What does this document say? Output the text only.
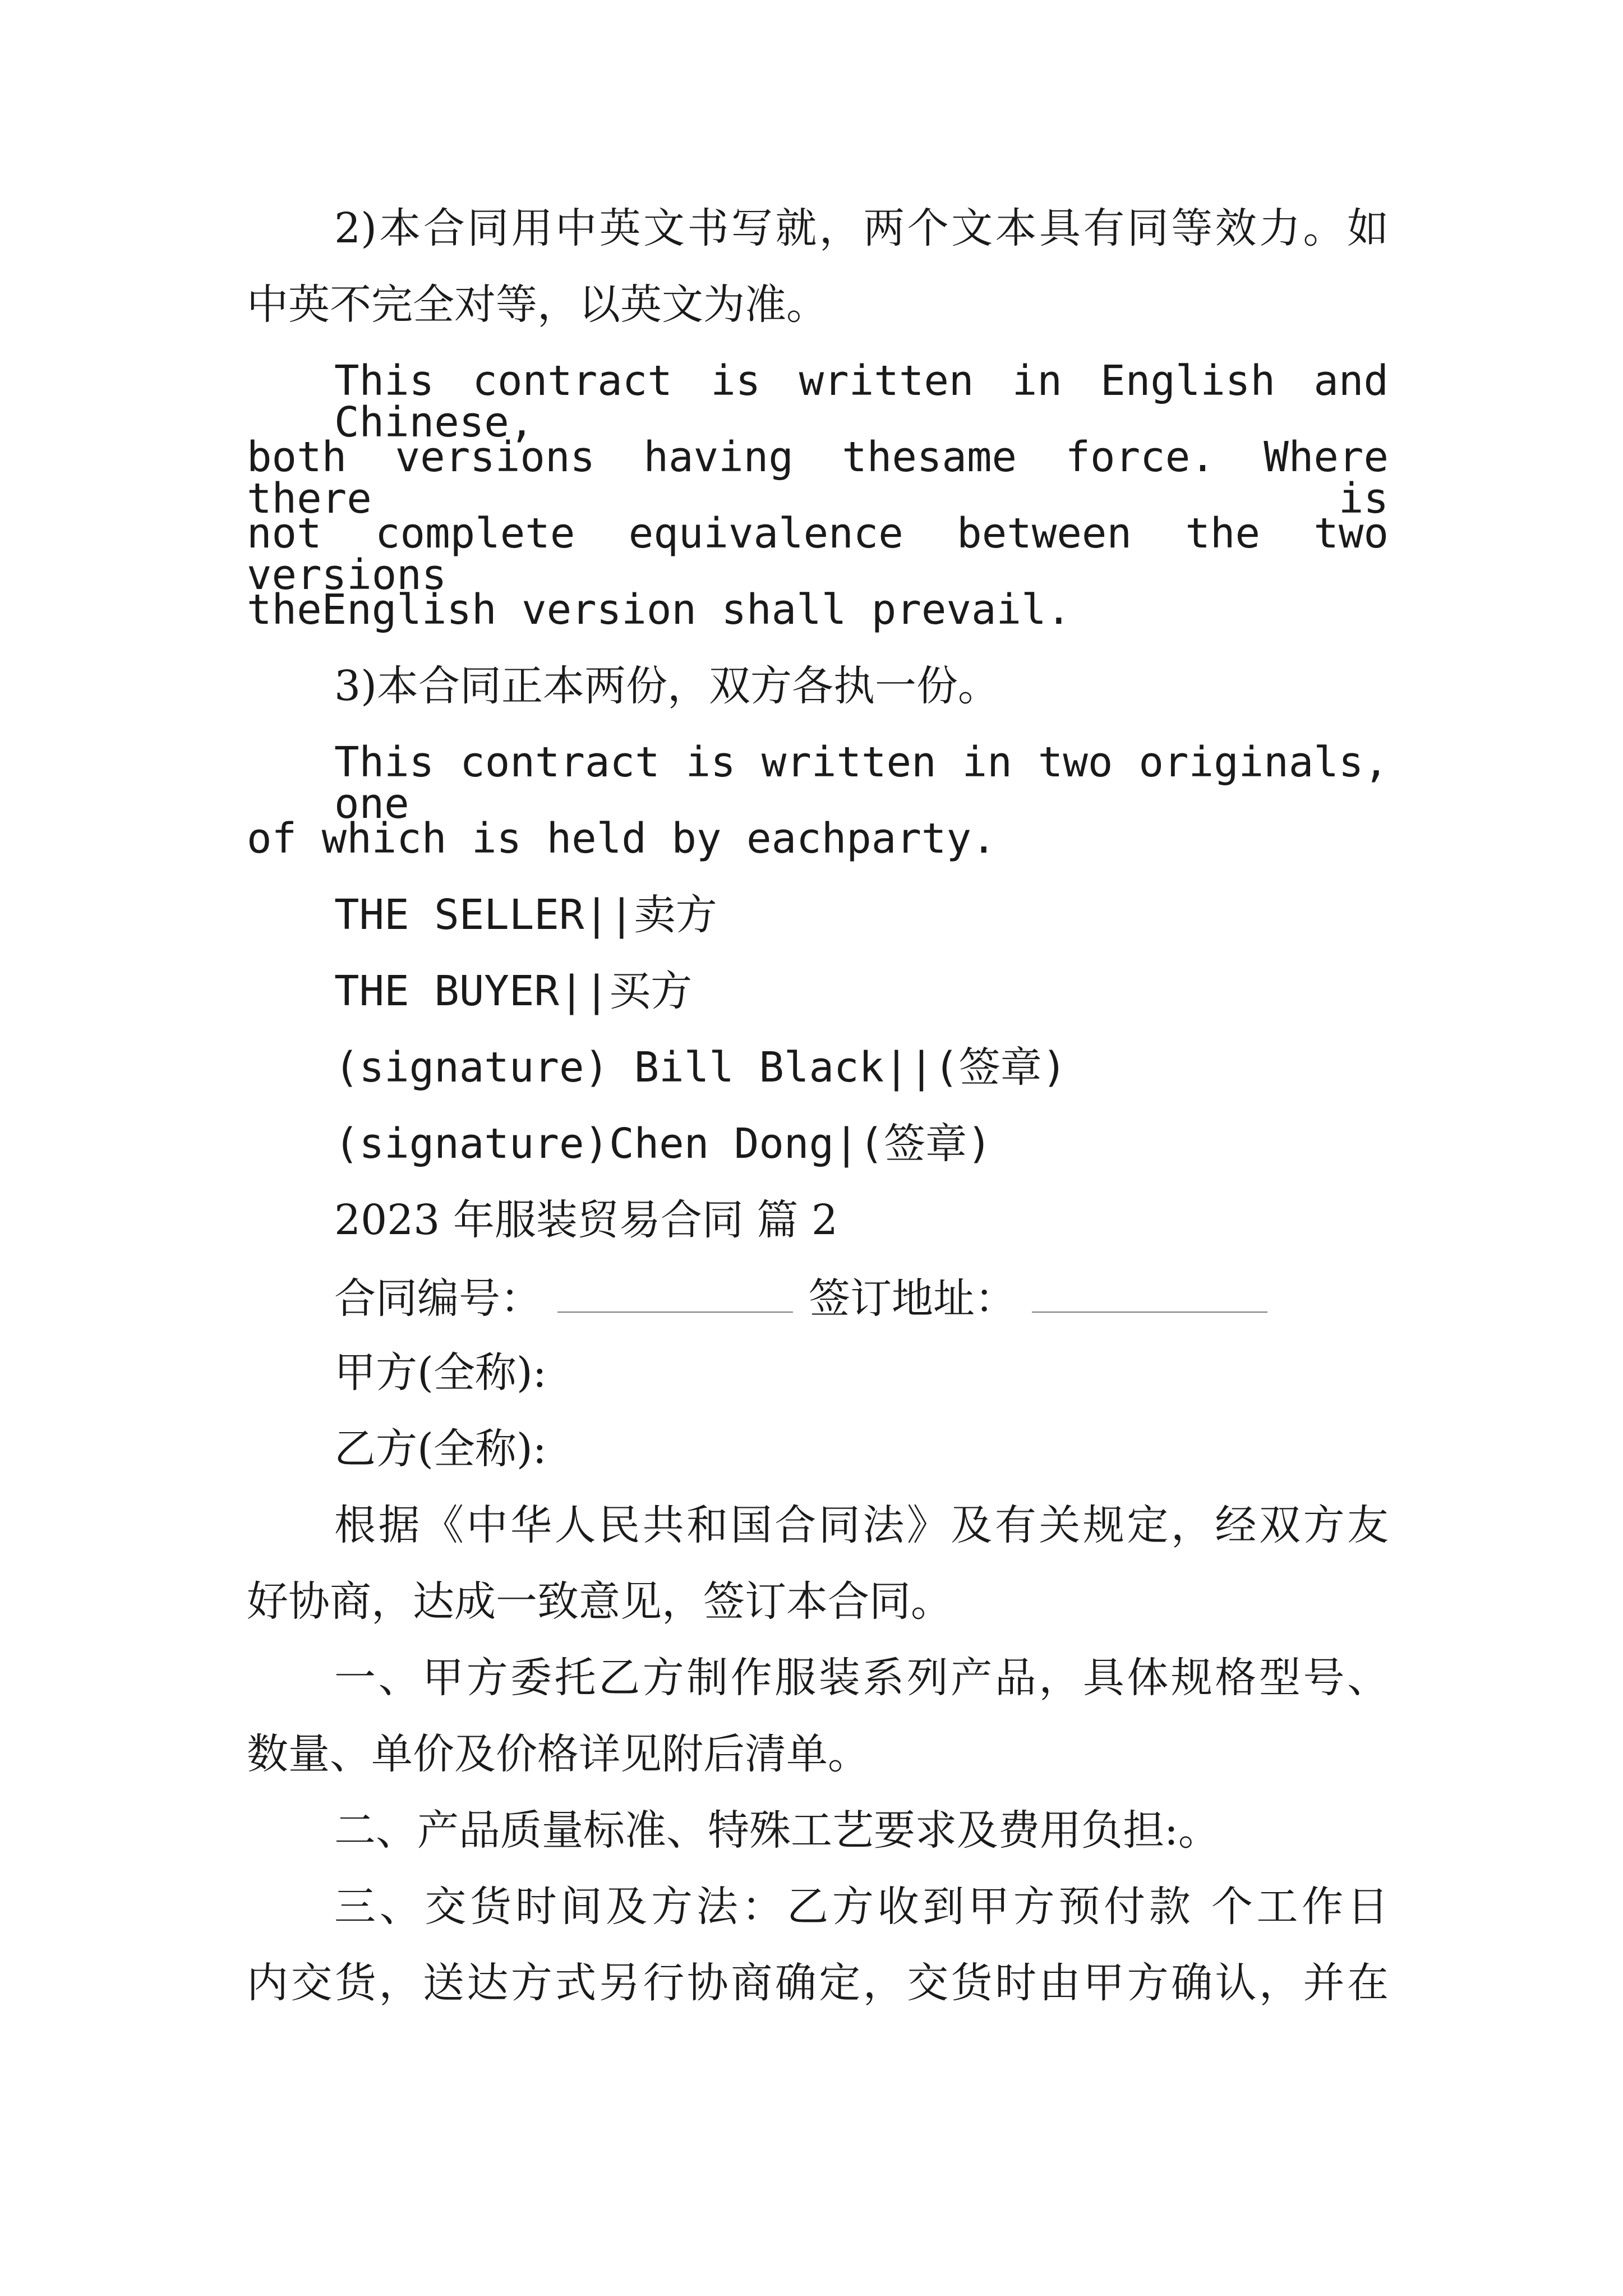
2)本合同用中英文书写就，两个文本具有同等效力。如
中英不完全对等，以英文为准。
This contract is written in English and Chinese,
both versions having thesame force. Where there is
not complete equivalence between the two versions
theEnglish version shall prevail.
3)本合同正本两份，双方各执一份。
This contract is written in two originals, one
of which is held by eachparty.
THE SELLER||卖方
THE BUYER||买方
(signature) Bill Black||(签章)
(signature)Chen Dong|(签章)
2023 年服装贸易合同 篇 2
合同编号：	签订地址：
甲方(全称):
乙方(全称):
根据《中华人民共和国合同法》及有关规定，经双方友
好协商，达成一致意见，签订本合同。
一、甲方委托乙方制作服装系列产品，具体规格型号、
数量、单价及价格详见附后清单。
二、产品质量标准、特殊工艺要求及费用负担:。
三、交货时间及方法：乙方收到甲方预付款 个工作日
内交货，送达方式另行协商确定，交货时由甲方确认，并在
